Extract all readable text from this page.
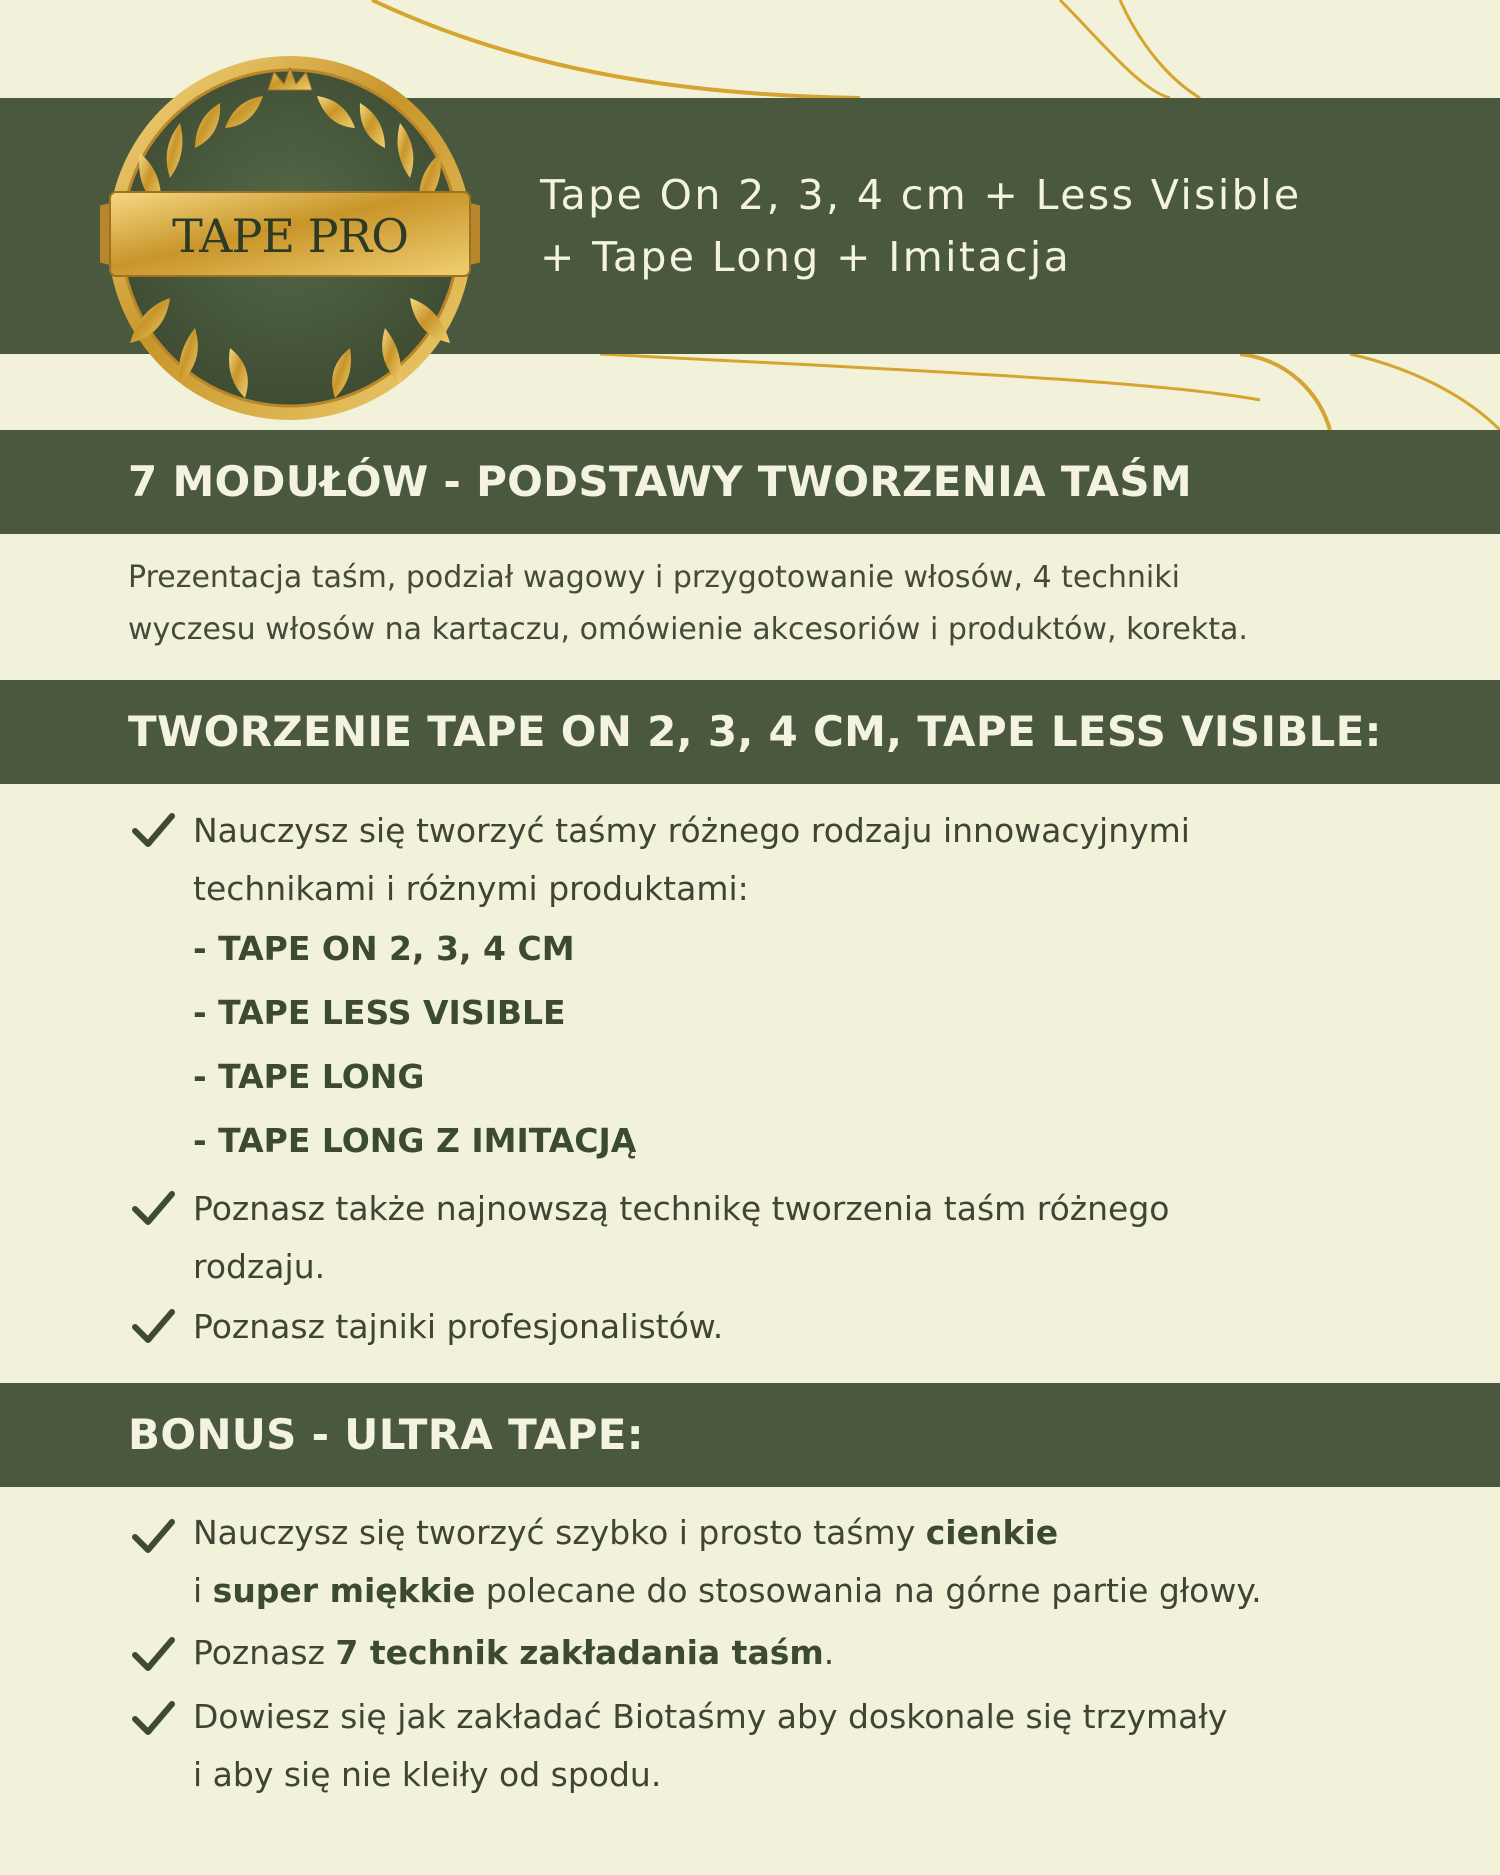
Tape On 2, 3, 4 cm + Less Visible
+ Tape Long + Imitacja
TAPE PRO
7 MODUŁÓW - PODSTAWY TWORZENIA TAŚM
Prezentacja taśm, podział wagowy i przygotowanie włosów, 4 techniki
wyczesu włosów na kartaczu, omówienie akcesoriów i produktów, korekta.
TWORZENIE TAPE ON 2, 3, 4 CM, TAPE LESS VISIBLE:
Nauczysz się tworzyć taśmy różnego rodzaju innowacyjnymi
technikami i różnymi produktami:
- TAPE ON 2, 3, 4 CM
- TAPE LESS VISIBLE
- TAPE LONG
- TAPE LONG Z IMITACJĄ
Poznasz także najnowszą technikę tworzenia taśm różnego
rodzaju.
Poznasz tajniki profesjonalistów.
BONUS - ULTRA TAPE:
Nauczysz się tworzyć szybko i prosto taśmy cienkie
i super miękkie polecane do stosowania na górne partie głowy.
Poznasz 7 technik zakładania taśm.
Dowiesz się jak zakładać Biotaśmy aby doskonale się trzymały
i aby się nie kleiły od spodu.
